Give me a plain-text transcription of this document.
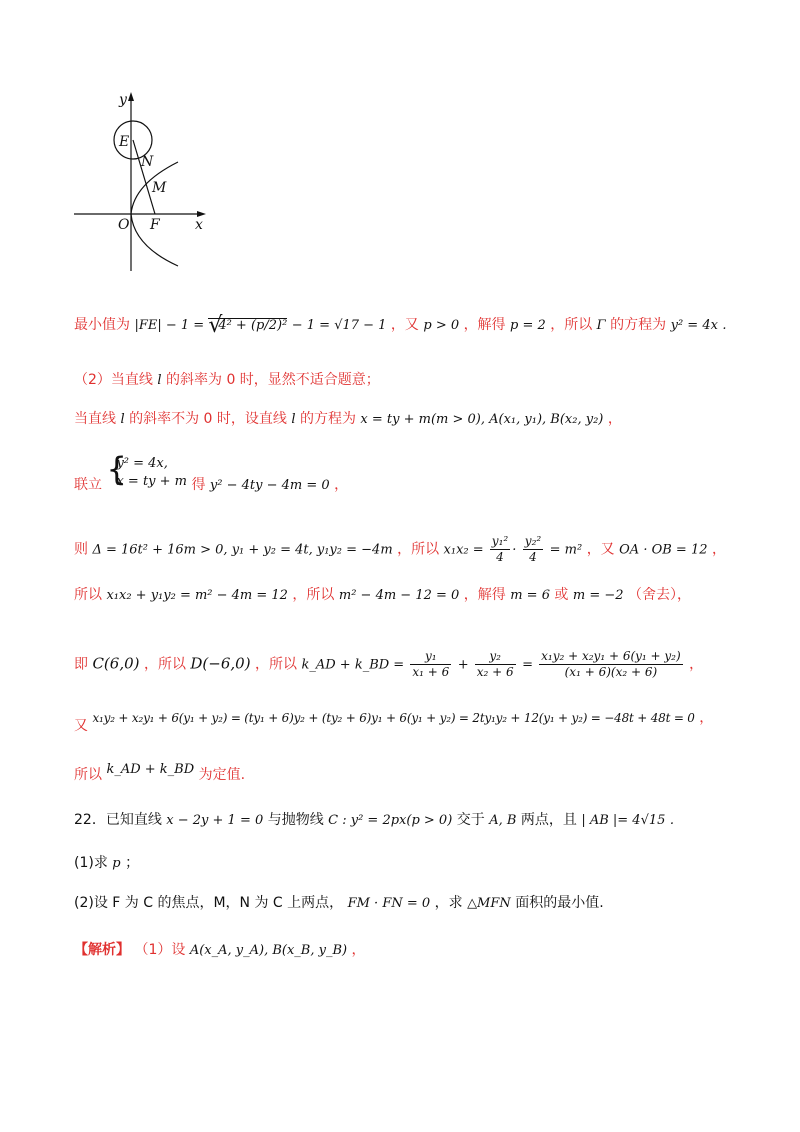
y
E
N
M
O F	x
最小值为 |FE| − 1 = √
4² + (p/2)² − 1 = √17 − 1 ，又 p > 0 ，解得 p = 2 ，所以 Γ 的方程为 y² = 4x .
（2）当直线 l 的斜率为 0 时，显然不适合题意；
当直线 l 的斜率不为 0 时，设直线 l 的方程为 x = ty + m(m > 0), A(x₁, y₁), B(x₂, y₂) ，
联立 {
y² = 4x,
x = ty + m 得 y² − 4ty − 4m = 0 ，
则 Δ = 16t² + 16m > 0, y₁ + y₂ = 4t, y₁y₂ = −4m ，所以 $x_1x_2 = \frac{\text{y₁²}}{4} \cdot \frac{\text{y₂²}}{4} = m^2$ ，又 OA · OB = 12 ，
所以 x₁x₂ + y₁y₂ = m² − 4m = 12 ，所以 m² − 4m − 12 = 0 ，解得 m = 6 或 m = −2 （舍去），
即 C(6,0) ，所以 D(−6,0) ，所以 k_AD + k_BD = $\frac{\text{y₁}}{\text{x₁ + 6}} + \frac{\text{y₂}}{\text{x₂ + 6}} = \frac{\text{x₁y₂ + x₂y₁ + 6(y₁ + y₂)}}{\text{(x₁ + 6)(x₂ + 6)}}$ ，
又 x₁y₂ + x₂y₁ + 6(y₁ + y₂) = (ty₁ + 6)y₂ + (ty₂ + 6)y₁ + 6(y₁ + y₂) = 2ty₁y₂ + 12(y₁ + y₂) = −48t + 48t = 0 ，
所以 k_AD + k_BD 为定值.
22．已知直线 x − 2y + 1 = 0 与抛物线 C : y² = 2px(p > 0) 交于 A, B 两点，且 | AB |= 4√15 .
(1)求 p ；
(2)设 F 为 C 的焦点，M，N 为 C 上两点， FM · FN = 0 ，求 △MFN 面积的最小值.
【解析】 （1）设 A(x_A, y_A), B(x_B, y_B) ，
